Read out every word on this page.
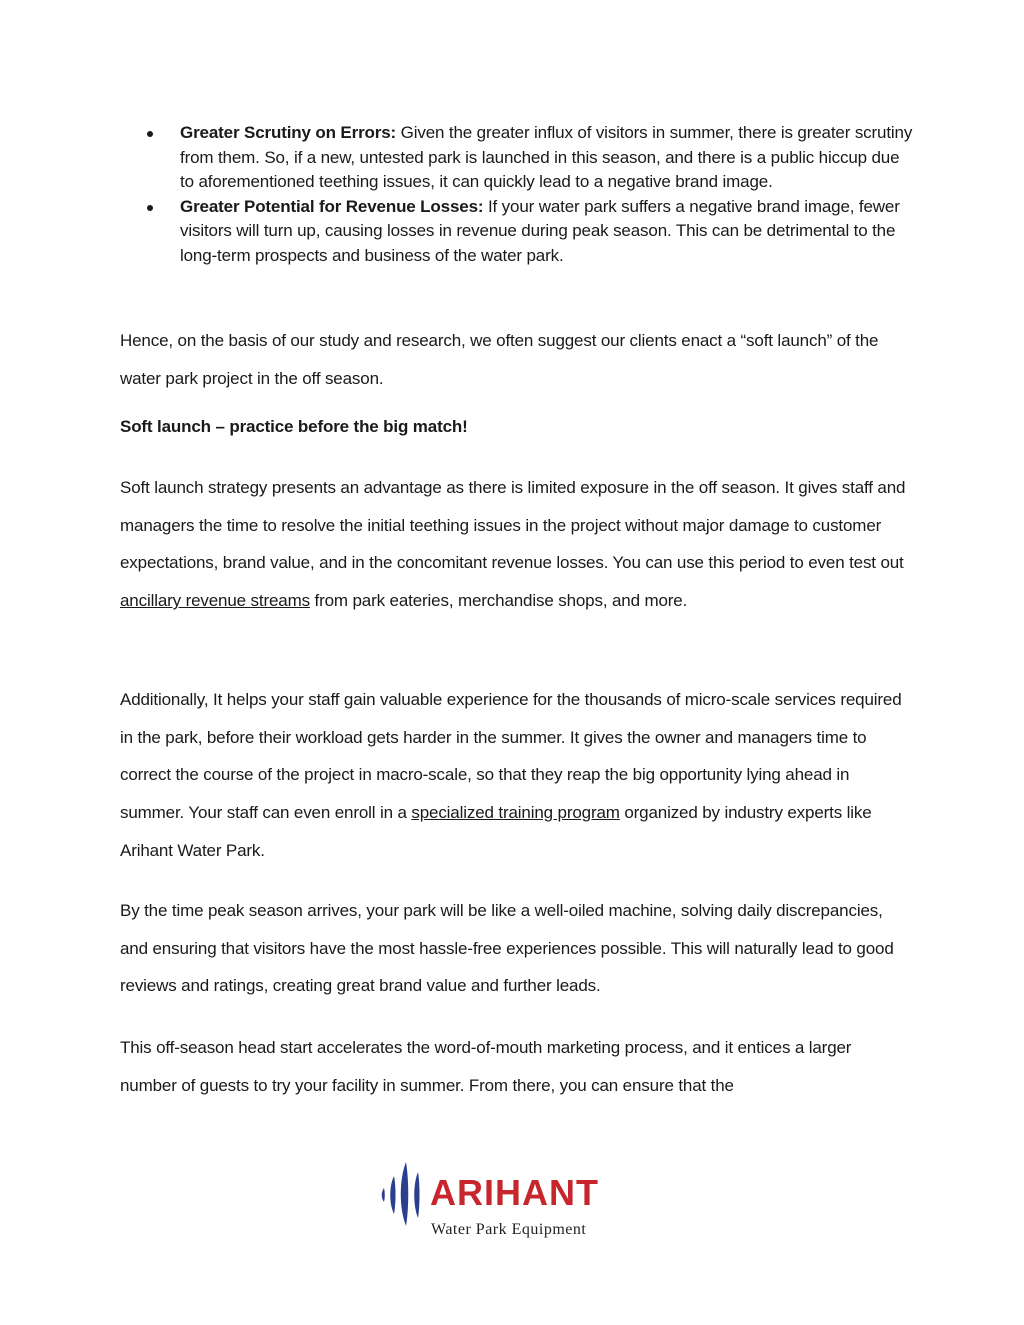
Greater Scrutiny on Errors: Given the greater influx of visitors in summer, there is greater scrutiny from them. So, if a new, untested park is launched in this season, and there is a public hiccup due to aforementioned teething issues, it can quickly lead to a negative brand image.
Greater Potential for Revenue Losses: If your water park suffers a negative brand image, fewer visitors will turn up, causing losses in revenue during peak season. This can be detrimental to the long-term prospects and business of the water park.

Hence, on the basis of our study and research, we often suggest our clients enact a “soft launch” of the water park project in the off season.

Soft launch – practice before the big match!

Soft launch strategy presents an advantage as there is limited exposure in the off season. It gives staff and managers the time to resolve the initial teething issues in the project without major damage to customer expectations, brand value, and in the concomitant revenue losses. You can use this period to even test out ancillary revenue streams from park eateries, merchandise shops, and more.

Additionally, It helps your staff gain valuable experience for the thousands of micro-scale services required in the park, before their workload gets harder in the summer. It gives the owner and managers time to correct the course of the project in macro-scale, so that they reap the big opportunity lying ahead in summer. Your staff can even enroll in a specialized training program organized by industry experts like Arihant Water Park.

By the time peak season arrives, your park will be like a well-oiled machine, solving daily discrepancies, and ensuring that visitors have the most hassle-free experiences possible. This will naturally lead to good reviews and ratings, creating great brand value and further leads.

This off-season head start accelerates the word-of-mouth marketing process, and it entices a larger number of guests to try your facility in summer. From there, you can ensure that the

ARIHANT
Water Park Equipment
